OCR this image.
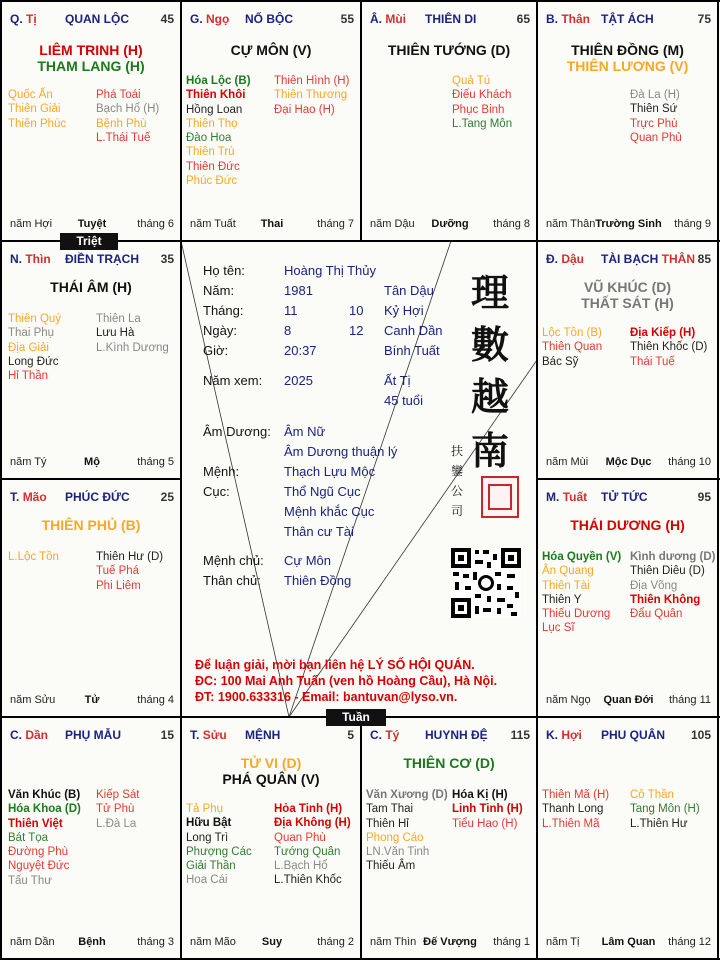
Q. Tị QUAN LỘC	45
LIÊM TRINH (H)
THAM LANG (H)
Quốc Ấn
Thiên Giải
Thiên Phúc
Phá Toái
Bạch Hổ (H)
Bệnh Phù
L.Thái Tuế
năm Hợi	Tuyệt	tháng 6
G. Ngọ NỐ BỘC	55
CỰ MÔN (V)
Hóa Lộc (B)
Thiên Khôi
Hồng Loan
Thiên Thọ
Đào Hoa
Thiên Trù
Thiên Đức
Phúc Đức
Thiên Hình (H)
Thiên Thương
Đại Hao (H)
năm Tuất	Thai	tháng 7
Â. Mùi THIÊN DI	65
THIÊN TƯỚNG (D)
Quả Tú
Điếu Khách
Phục Binh
L.Tang Môn
năm Dậu	Dưỡng	tháng 8
B. Thân TẬT ÁCH	75
THIÊN ĐỒNG (M)
THIÊN LƯƠNG (V)
Đà La (H)
Thiên Sứ
Trực Phù
Quan Phủ
năm Thân Trường Sinh	tháng 9
N. Thìn ĐIỀN TRẠCH 35
THÁI ÂM (H)
Thiên Quý
Thai Phụ
Địa Giải
Long Đức
Hỉ Thần
Thiên La
Lưu Hà
L.Kình Dương
năm Tý	Mộ	tháng 5
Đ. Dậu TÀI BẠCH THÂN 85
VŨ KHÚC (D)
THẤT SÁT (H)
Lộc Tồn (B)
Thiên Quan
Bác Sỹ
Địa Kiếp (H)
Thiên Khốc (D)
Thái Tuế
năm Mùi	Mộc Dục	tháng 10
T. Mão PHÚC ĐỨC	25
THIÊN PHỦ (B)
L.Lộc Tồn	Thiên Hư (D)
Tuế Phá
Phi Liêm
năm Sửu	Tử	tháng 4
M. Tuất TỬ TỨC	95
THÁI DƯƠNG (H)
Hóa Quyền (V)
Ân Quang
Thiên Tài
Thiên Y
Thiếu Dương
Lục Sĩ
Kình dương (D)
Thiên Diêu (D)
Địa Võng
Thiên Không
Đẩu Quân
năm Ngọ	Quan Đới	tháng 11
C. Dần PHỤ MẪU	15
Văn Khúc (B)
Hóa Khoa (D)
Thiên Việt
Bát Tọa
Đường Phù
Nguyệt Đức
Tấu Thư
Kiếp Sát
Tử Phù
L.Đà La
năm Dần	Bệnh	tháng 3
T. Sửu MỆNH	5
TỬ VI (D)
PHÁ QUÂN (V)
Tả Phụ
Hữu Bật
Long Trì
Phượng Các
Giải Thần
Hoa Cái
Hỏa Tinh (H)
Địa Không (H)
Quan Phù
Tướng Quân
L.Bạch Hổ
L.Thiên Khốc
năm Mão	Suy	tháng 2
C. Tý HUYNH ĐỆ 115
THIÊN CƠ (D)
Văn Xương (D)
Tam Thai
Thiên Hỉ
Phong Cáo
LN.Văn Tinh
Thiếu Âm
Hóa Kị (H)
Linh Tinh (H)
Tiểu Hao (H)
năm Thìn Đế Vượng	tháng 1
K. Hợi PHU QUÂN 105
Thiên Mã (H)
Thanh Long
L.Thiên Mã
Cô Thần
Tang Môn (H)
L.Thiên Hư
năm Tị	Lâm Quan	tháng 12
Triệt
Tuần
Họ tên:	Hoàng Thị Thủy
Năm:	1981	Tân Dậu
Tháng:	11	10 Kỷ Hợi
Ngày:	8	12 Canh Dần
Giờ:	20:37	Bính Tuất
Năm xem: 2025	Ất Tị
45 tuổi
Âm Dương: Âm Nữ
Âm Dương thuận lý
Mệnh:	Thạch Lựu Mộc
Cục:	Thổ Ngũ Cục
Mệnh khắc Cục
Thân cư Tài
Mệnh chủ: Cự Môn
Thân chủ: Thiên Đồng
理
數
越
南
扶 鑾 公 司
Để luận giải, mời bạn liên hệ LÝ SỐ HỘI QUÁN.
ĐC: 100 Mai Anh Tuấn (ven hồ Hoàng Cầu), Hà Nội.
ĐT: 1900.633316 - Email: bantuvan@lyso.vn.
